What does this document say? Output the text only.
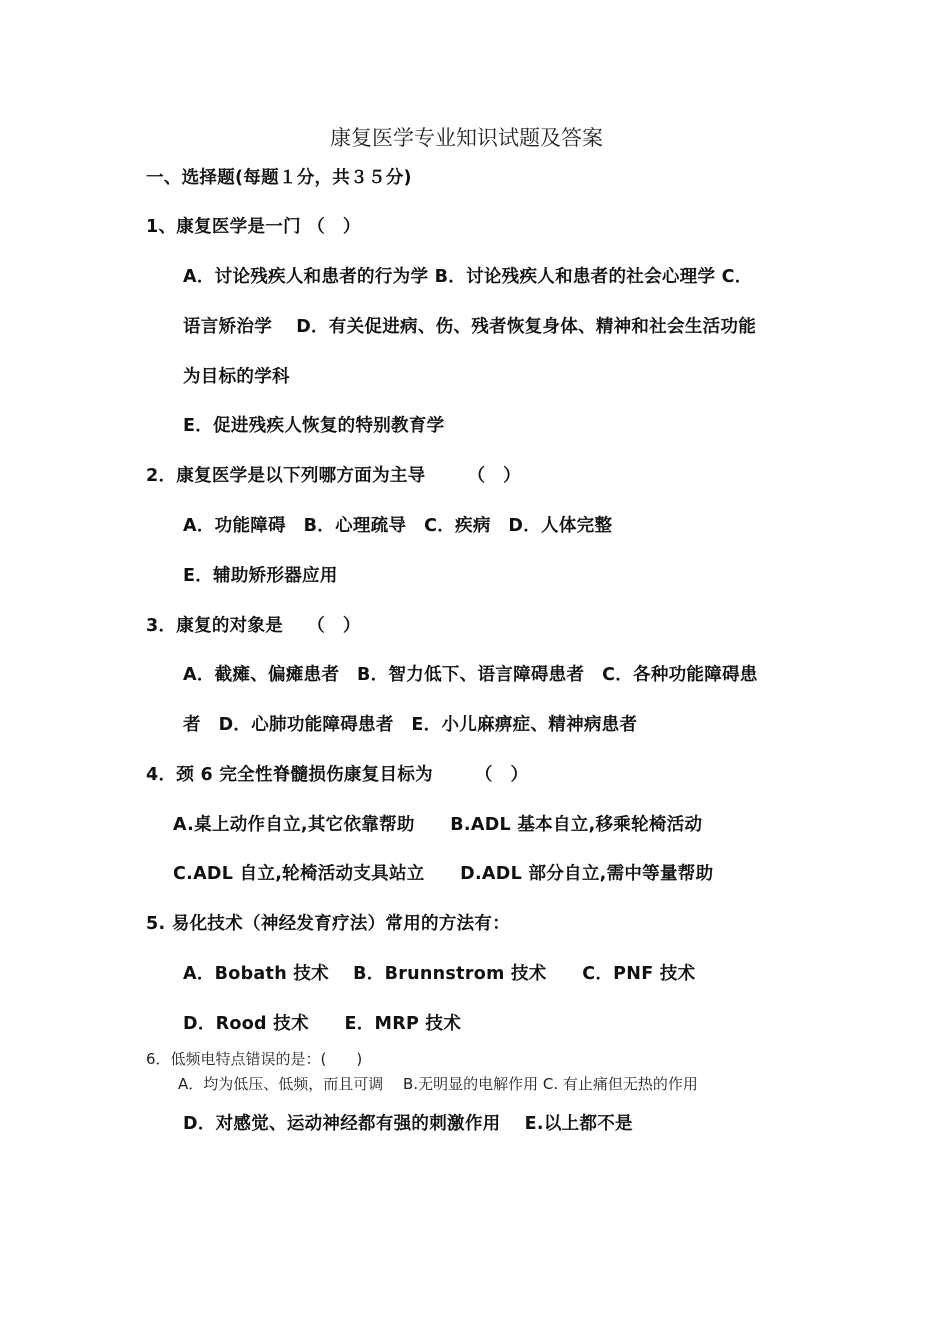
康复医学专业知识试题及答案
一、选择题(每题１分，共３５分)
1、康复医学是一门 （　）
A．讨论残疾人和患者的行为学 B．讨论残疾人和患者的社会心理学 C．
语言矫治学　 D．有关促进病、伤、残者恢复身体、精神和社会生活功能
为目标的学科
E．促进残疾人恢复的特别教育学
2．康复医学是以下列哪方面为主导　　 （　）
A．功能障碍　B．心理疏导　C．疾病　D．人体完整
E．辅助矫形器应用
3．康复的对象是　 （　）
A．截瘫、偏瘫患者　B．智力低下、语言障碍患者　C．各种功能障碍患
者　D．心肺功能障碍患者　E．小儿麻痹症、精神病患者
4．颈 6 完全性脊髓损伤康复目标为　　 （　）
A.桌上动作自立,其它依靠帮助　　B.ADL 基本自立,移乘轮椅活动
C.ADL 自立,轮椅活动支具站立　　D.ADL 部分自立,需中等量帮助
5. 易化技术（神经发育疗法）常用的方法有：
A．Bobath 技术　 B．Brunnstrom 技术　　C．PNF 技术
D．Rood 技术　　E．MRP 技术
6．低频电特点错误的是：(　　)
A．均为低压、低频，而且可调　 B.无明显的电解作用 C. 有止痛但无热的作用
D．对感觉、运动神经都有强的刺激作用　 E.以上都不是
